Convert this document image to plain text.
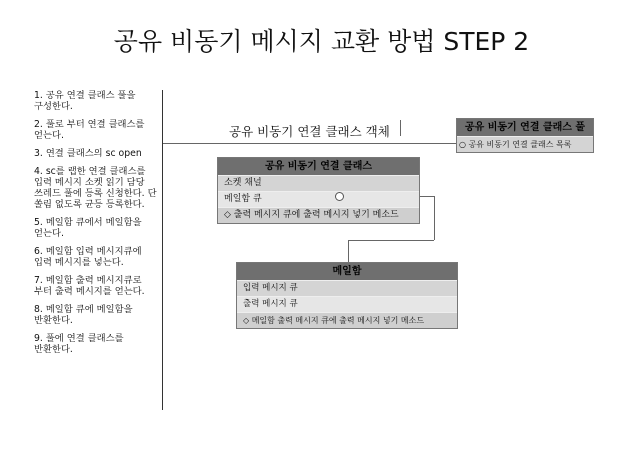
공유 비동기 메시지 교환 방법 STEP 2
1. 공유 연결 클래스 풀을 구성한다.
2. 풀로 부터 연결 클래스를 얻는다.
3. 연결 클래스의 sc open
4. sc를 랩한 연결 클래스를 입력 메시지 소켓 읽기 담당 쓰레드 풀에 등록 신청한다. 단 쏠림 없도록 균등 등록한다.
5. 메일함 큐에서 메일함을 얻는다.
6. 메일함 입력 메시지큐에 입력 메시지를 넣는다.
7. 메일함 출력 메시지큐로 부터 출력 메시지를 얻는다.
8. 메일함 큐에 메일함을 반환한다.
9. 풀에 연결 클래스를 반환한다.
공유 비동기 연결 클래스 객체	공유 비동기 연결 클래스 풀
○ 공유 비동기 연결 클래스 목록
공유 비동기 연결 클래스
소켓 채널
메일함 큐
◇ 출력 메시지 큐에 출력 메시지 넣기 메소드
메일함
입력 메시지 큐
출력 메시지 큐
◇ 메일함 출력 메시지 큐에 출력 메시지 넣기 메소드
